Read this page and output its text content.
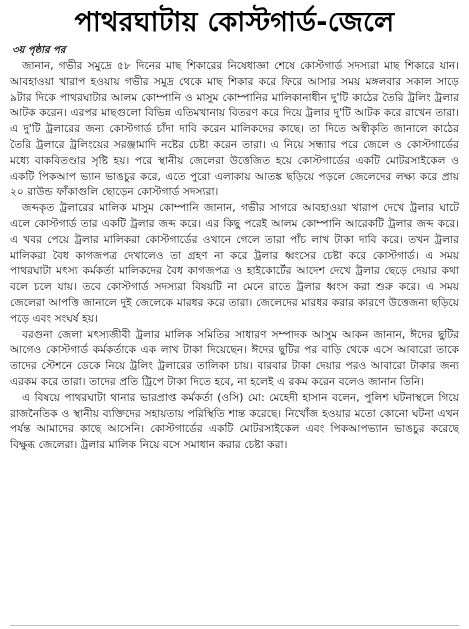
পাথরঘাটায় কোস্টগার্ড-জেলে
৩য় পৃষ্ঠার পর

জানান, গভীর সমুদ্রে ৫৮ দিনের মাছ শিকারের নিষেধাজ্ঞা শেষে কোস্টগার্ড সদস্যরা মাছ শিকারে যান। আবহাওয়া খারাপ হওয়ায় গভীর সমুদ্র থেকে মাছ শিকার করে ফিরে আসার সময় মঙ্গলবার সকাল সাড়ে ৯টার দিকে পাথরঘাটার আলম কোম্পানি ও মাসুম কোম্পানির মালিকানাধীন দু'টি কাঠের তৈরি ট্রলিং ট্রলার আটক করেন। এরপর মাছগুলো বিভিন্ন এতিমখানায় বিতরণ করে দিয়ে ট্রলার দু'টি আটক করে রাখেন তারা। এ দু'টি ট্রলারের জন্য কোস্টগার্ড চাঁদা দাবি করেন মালিকদের কাছে। তা দিতে অস্বীকৃতি জানালে কাঠের তৈরি ট্রলারে ট্রলিংয়ের সরঞ্জামাদি নষ্টের চেষ্টা করেন তারা। এ নিয়ে সন্ধ্যার পরে জেলে ও কোস্টগার্ডের মধ্যে বাকবিতণ্ডার সৃষ্টি হয়। পরে স্থানীয় জেলেরা উত্তেজিত হয়ে কোস্টগার্ডের একটি মোটরসাইকেল ও একটি পিকআপ ভ্যান ভাঙচুর করে, এতে পুরো এলাকায় আতঙ্ক ছড়িয়ে পড়লে জেলেদের লক্ষ্য করে প্রায় ২০ রাউন্ড ফাঁকাগুলি ছোড়েন কোস্টগার্ড সদস্যরা।

জব্দকৃত ট্রলারের মালিক মাসুম কোম্পানি জানান, গভীর সাগরে আবহাওয়া খারাপ দেখে ট্রলার ঘাটে এলে কোস্টগার্ড তার একটি ট্রলার জব্দ করে। এর কিছু পরেই আলম কোম্পানি আরেকটি ট্রলার জব্দ করে। এ খবর পেয়ে ট্রলার মালিকরা কোস্টগার্ডের ওখানে গেলে তারা পাঁচ লাখ টাকা দাবি করে। তখন ট্রলার মালিকরা বৈধ কাগজপত্র দেখালেও তা গ্রহণ না করে ট্রলার ধ্বংসের চেষ্টা করে কোস্টগার্ড। এ সময় পাথরঘাটা মৎস্য কর্মকর্তা মালিকদের বৈধ কাগজপত্র ও হাইকোর্টের আদেশ দেখে ট্রলার ছেড়ে দেয়ার কথা বলে চলে যায়। তবে কোস্টগার্ড সদস্যরা বিষয়টি না মেনে রাতে ট্রলার ধ্বংস করা শুরু করে। এ সময় জেলেরা আপত্তি জানালে দুই জেলেকে মারধর করে তারা। জেলেদের মারধর করার কারণে উত্তেজনা ছড়িয়ে পড়ে এবং সংঘর্ষ হয়।

বরগুনা জেলা মৎস্যজীবী ট্রলার মালিক সমিতির সাধারণ সম্পাদক আসুম আকন জানান, ঈদের ছুটির আগেও কোস্টগার্ড কর্মকর্তাকে এক লাখ টাকা দিয়েছেন। ঈদের ছুটির পর বাড়ি থেকে এসে আবারো তাকে তাদের স্টেশনে ডেকে নিয়ে ট্রলিং ট্রলারের তালিকা চায়। বারবার টাকা দেয়ার পরও আবারো টাকার জন্য এরকম করে তারা। তাদের প্রতি ট্রিপে টাকা দিতে হবে, না হলেই এ রকম করেন বলেও জানান তিনি।

এ বিষয়ে পাথরঘাটা থানার ভারপ্রাপ্ত কর্মকর্তা (ওসি) মো: মেহেদী হাসান বলেন, পুলিশ ঘটনাস্থলে গিয়ে রাজনৈতিক ও স্থানীয় ব্যক্তিদের সহায়তায় পরিস্থিতি শান্ত করেছে। নিখোঁজ হওয়ার মতো কোনো ঘটনা এখন পর্যন্ত আমাদের কাছে আসেনি। কোস্টগার্ডের একটি মোটরসাইকেল এবং পিকআপভ্যান ভাঙচুর করেছে বিক্ষুব্ধ জেলেরা। ট্রলার মালিক নিয়ে বসে সমাধান করার চেষ্টা করা।
